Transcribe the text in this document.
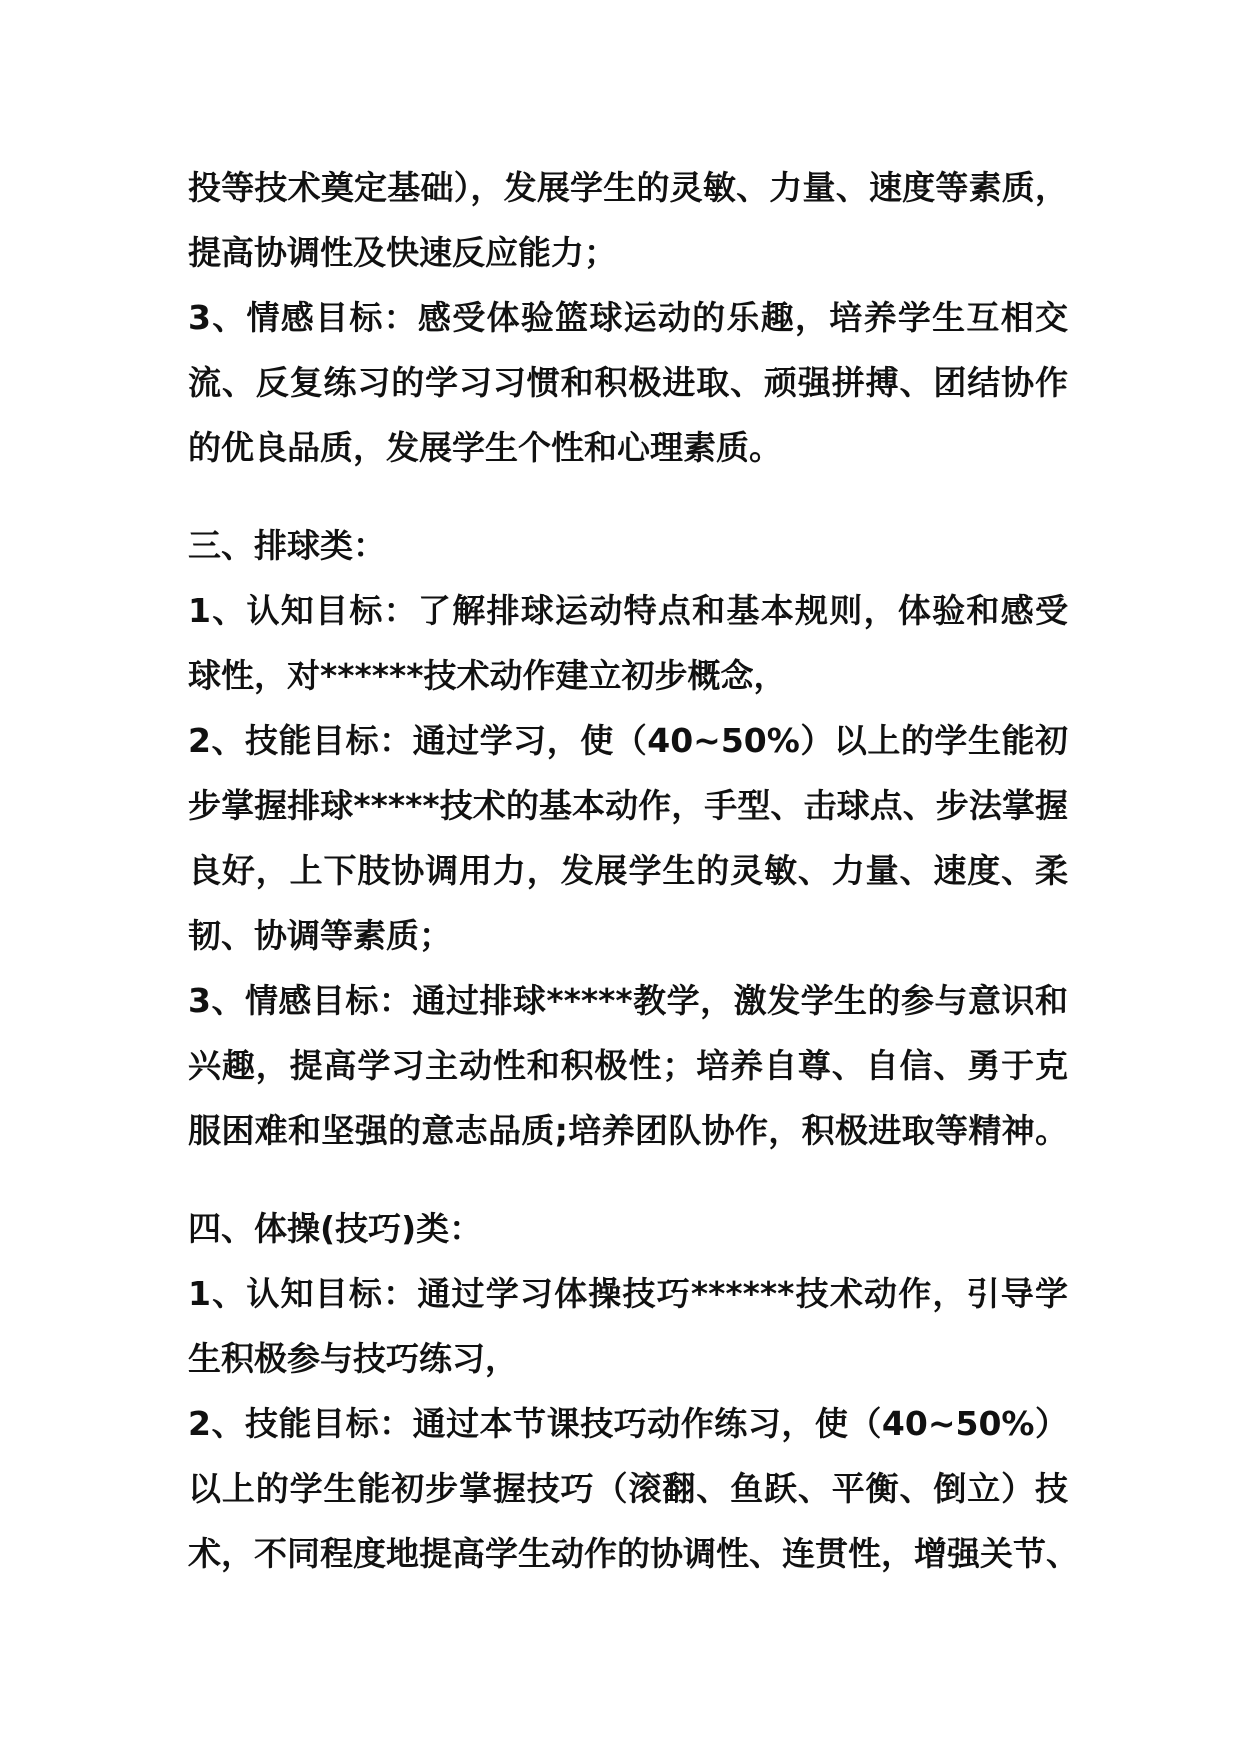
投等技术奠定基础），发展学生的灵敏、力量、速度等素质，
提高协调性及快速反应能力；
3、情感目标：感受体验篮球运动的乐趣，培养学生互相交
流、反复练习的学习习惯和积极进取、顽强拼搏、团结协作
的优良品质，发展学生个性和心理素质。
三、排球类：
1、认知目标：了解排球运动特点和基本规则，体验和感受
球性，对******技术动作建立初步概念，
2、技能目标：通过学习，使（40~50%）以上的学生能初
步掌握排球*****技术的基本动作，手型、击球点、步法掌握
良好，上下肢协调用力，发展学生的灵敏、力量、速度、柔
韧、协调等素质；
3、情感目标：通过排球*****教学，激发学生的参与意识和
兴趣，提高学习主动性和积极性；培养自尊、自信、勇于克
服困难和坚强的意志品质;培养团队协作，积极进取等精神。
四、体操(技巧)类：
1、认知目标：通过学习体操技巧******技术动作，引导学
生积极参与技巧练习，
2、技能目标：通过本节课技巧动作练习，使（40~50%）
以上的学生能初步掌握技巧（滚翻、鱼跃、平衡、倒立）技
术，不同程度地提高学生动作的协调性、连贯性，增强关节、
